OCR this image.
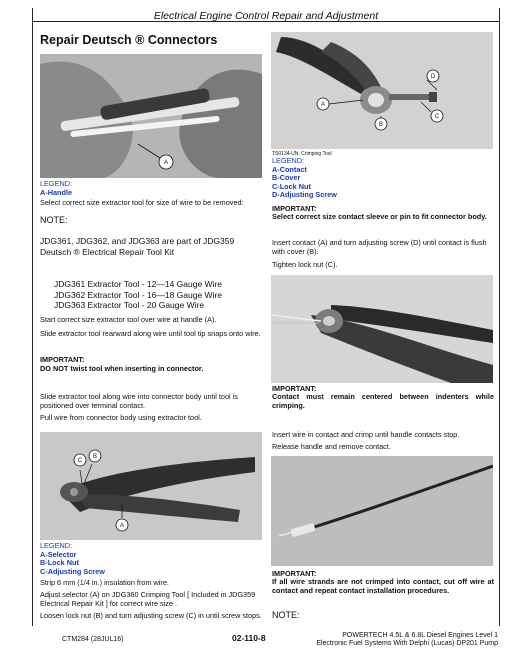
Electrical Engine Control Repair and Adjustment
Repair Deutsch ® Connectors
A
LEGEND:
A-Handle
Select correct size extractor tool for size of wire to be removed:
NOTE:
JDG361, JDG362, and JDG363 are part of JDG359 Deutsch ® Electrical Repair Tool Kit
JDG361 Extractor Tool - 12—14 Gauge Wire
JDG362 Extractor Tool - 16—18 Gauge Wire
JDG363 Extractor Tool - 20 Gauge Wire
Start correct size extractor tool over wire at handle (A).
Slide extractor tool rearward along wire until tool tip snaps onto wire.
IMPORTANT:
DO NOT twist tool when inserting in connector.
Slide extractor tool along wire into connector body until tool is positioned over terminal contact.
Pull wire from connector body using extractor tool.
C
B
A
LEGEND:
A-Selector
B-Lock Nut
C-Adjusting Screw
Strip 6 mm (1/4 in.) insulation from wire.
Adjust selector (A) on JDG360 Crimping Tool [ Included in JDG359 Electrical Repair Kit ] for correct wire size .
Loosen lock nut (B) and turn adjusting screw (C) in until screw stops.
A
B
C
D
TS0134-UN: Crimping Tool
LEGEND:
A-Contact
B-Cover
C-Lock Nut
D-Adjusting Screw
IMPORTANT:
Select correct size contact sleeve or pin to fit connector body.
Insert contact (A) and turn adjusting screw (D) until contact is flush with cover (B).
Tighten lock nut (C).
IMPORTANT:
Contact must remain centered between indenters while crimping.
Insert wire in contact and crimp until handle contacts stop.
Release handle and remove contact.
IMPORTANT:
If all wire strands are not crimped into contact, cut off wire at contact and repeat contact installation procedures.
NOTE:
CTM284 (28JUL16)	02-110-8	POWERTECH 4.5L & 6.8L Diesel Engines Level 1
Electronic Fuel Systems With Delphi (Lucas) DP201 Pump
